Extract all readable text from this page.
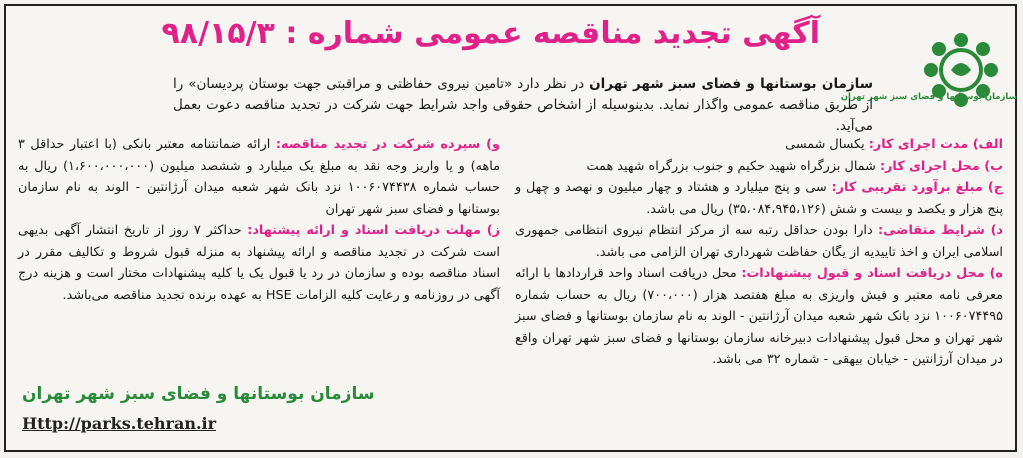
آگهی تجدید مناقصه عمومی شماره : ۹۸/۱۵/۳
سازمان بوستانها و فضای سبز شهر تهران
سازمان بوستانها و فضای سبز شهر تهران در نظر دارد «تامین نیروی حفاظتی و مراقبتی جهت بوستان پردیسان» را از طریق مناقصه عمومی واگذار نماید. بدینوسیله از اشخاص حقوقی واجد شرایط جهت شرکت در تجدید مناقصه دعوت بعمل می‌آید.

الف) مدت اجرای کار: یکسال شمسی

ب) محل اجرای کار: شمال بزرگراه شهید حکیم و جنوب بزرگراه شهید همت

ج) مبلغ برآورد تقریبی کار: سی و پنج میلیارد و هشتاد و چهار میلیون و نهصد و چهل و پنج هزار و یکصد و بیست و شش (۳۵،۰۸۴،۹۴۵،۱۲۶) ریال می باشد.

د) شرایط متقاضی: دارا بودن حداقل رتبه سه از مرکز انتظام نیروی انتظامی جمهوری اسلامی ایران و اخذ تاییدیه از یگان حفاظت شهرداری تهران الزامی می باشد.

ه) محل دریافت اسناد و قبول پیشنهادات: محل دریافت اسناد واحد قراردادها با ارائه معرفی نامه معتبر و فیش واریزی به مبلغ هفتصد هزار (۷۰۰،۰۰۰) ریال به حساب شماره ۱۰۰۶۰۷۴۴۹۵ نزد بانک شهر شعبه میدان آرژانتین - الوند به نام سازمان بوستانها و فضای سبز شهر تهران و محل قبول پیشنهادات دبیرخانه سازمان بوستانها و فضای سبز شهر تهران واقع در میدان آرژانتین - خیابان بیهقی - شماره ۳۲ می باشد.

و) سپرده شرکت در تجدید مناقصه: ارائه ضمانتنامه معتبر بانکی (با اعتبار حداقل ۳ ماهه) و یا واریز وجه نقد به مبلغ یک میلیارد و ششصد میلیون (۱،۶۰۰،۰۰۰،۰۰۰) ریال به حساب شماره ۱۰۰۶۰۷۴۴۳۸ نزد بانک شهر شعبه میدان آرژانتین - الوند به نام سازمان بوستانها و فضای سبز شهر تهران

ز) مهلت دریافت اسناد و ارائه پیشنهاد: حداکثر ۷ روز از تاریخ انتشار آگهی بدیهی است شرکت در تجدید مناقصه و ارائه پیشنهاد به منزله قبول شروط و تکالیف مقرر در اسناد مناقصه بوده و سازمان در رد یا قبول یک یا کلیه پیشنهادات مختار است و هزینه درج آگهی در روزنامه و رعایت کلیه الزامات HSE به عهده برنده تجدید مناقصه می‌باشد.

سازمان بوستانها و فضای سبز شهر تهران
Http://parks.tehran.ir
